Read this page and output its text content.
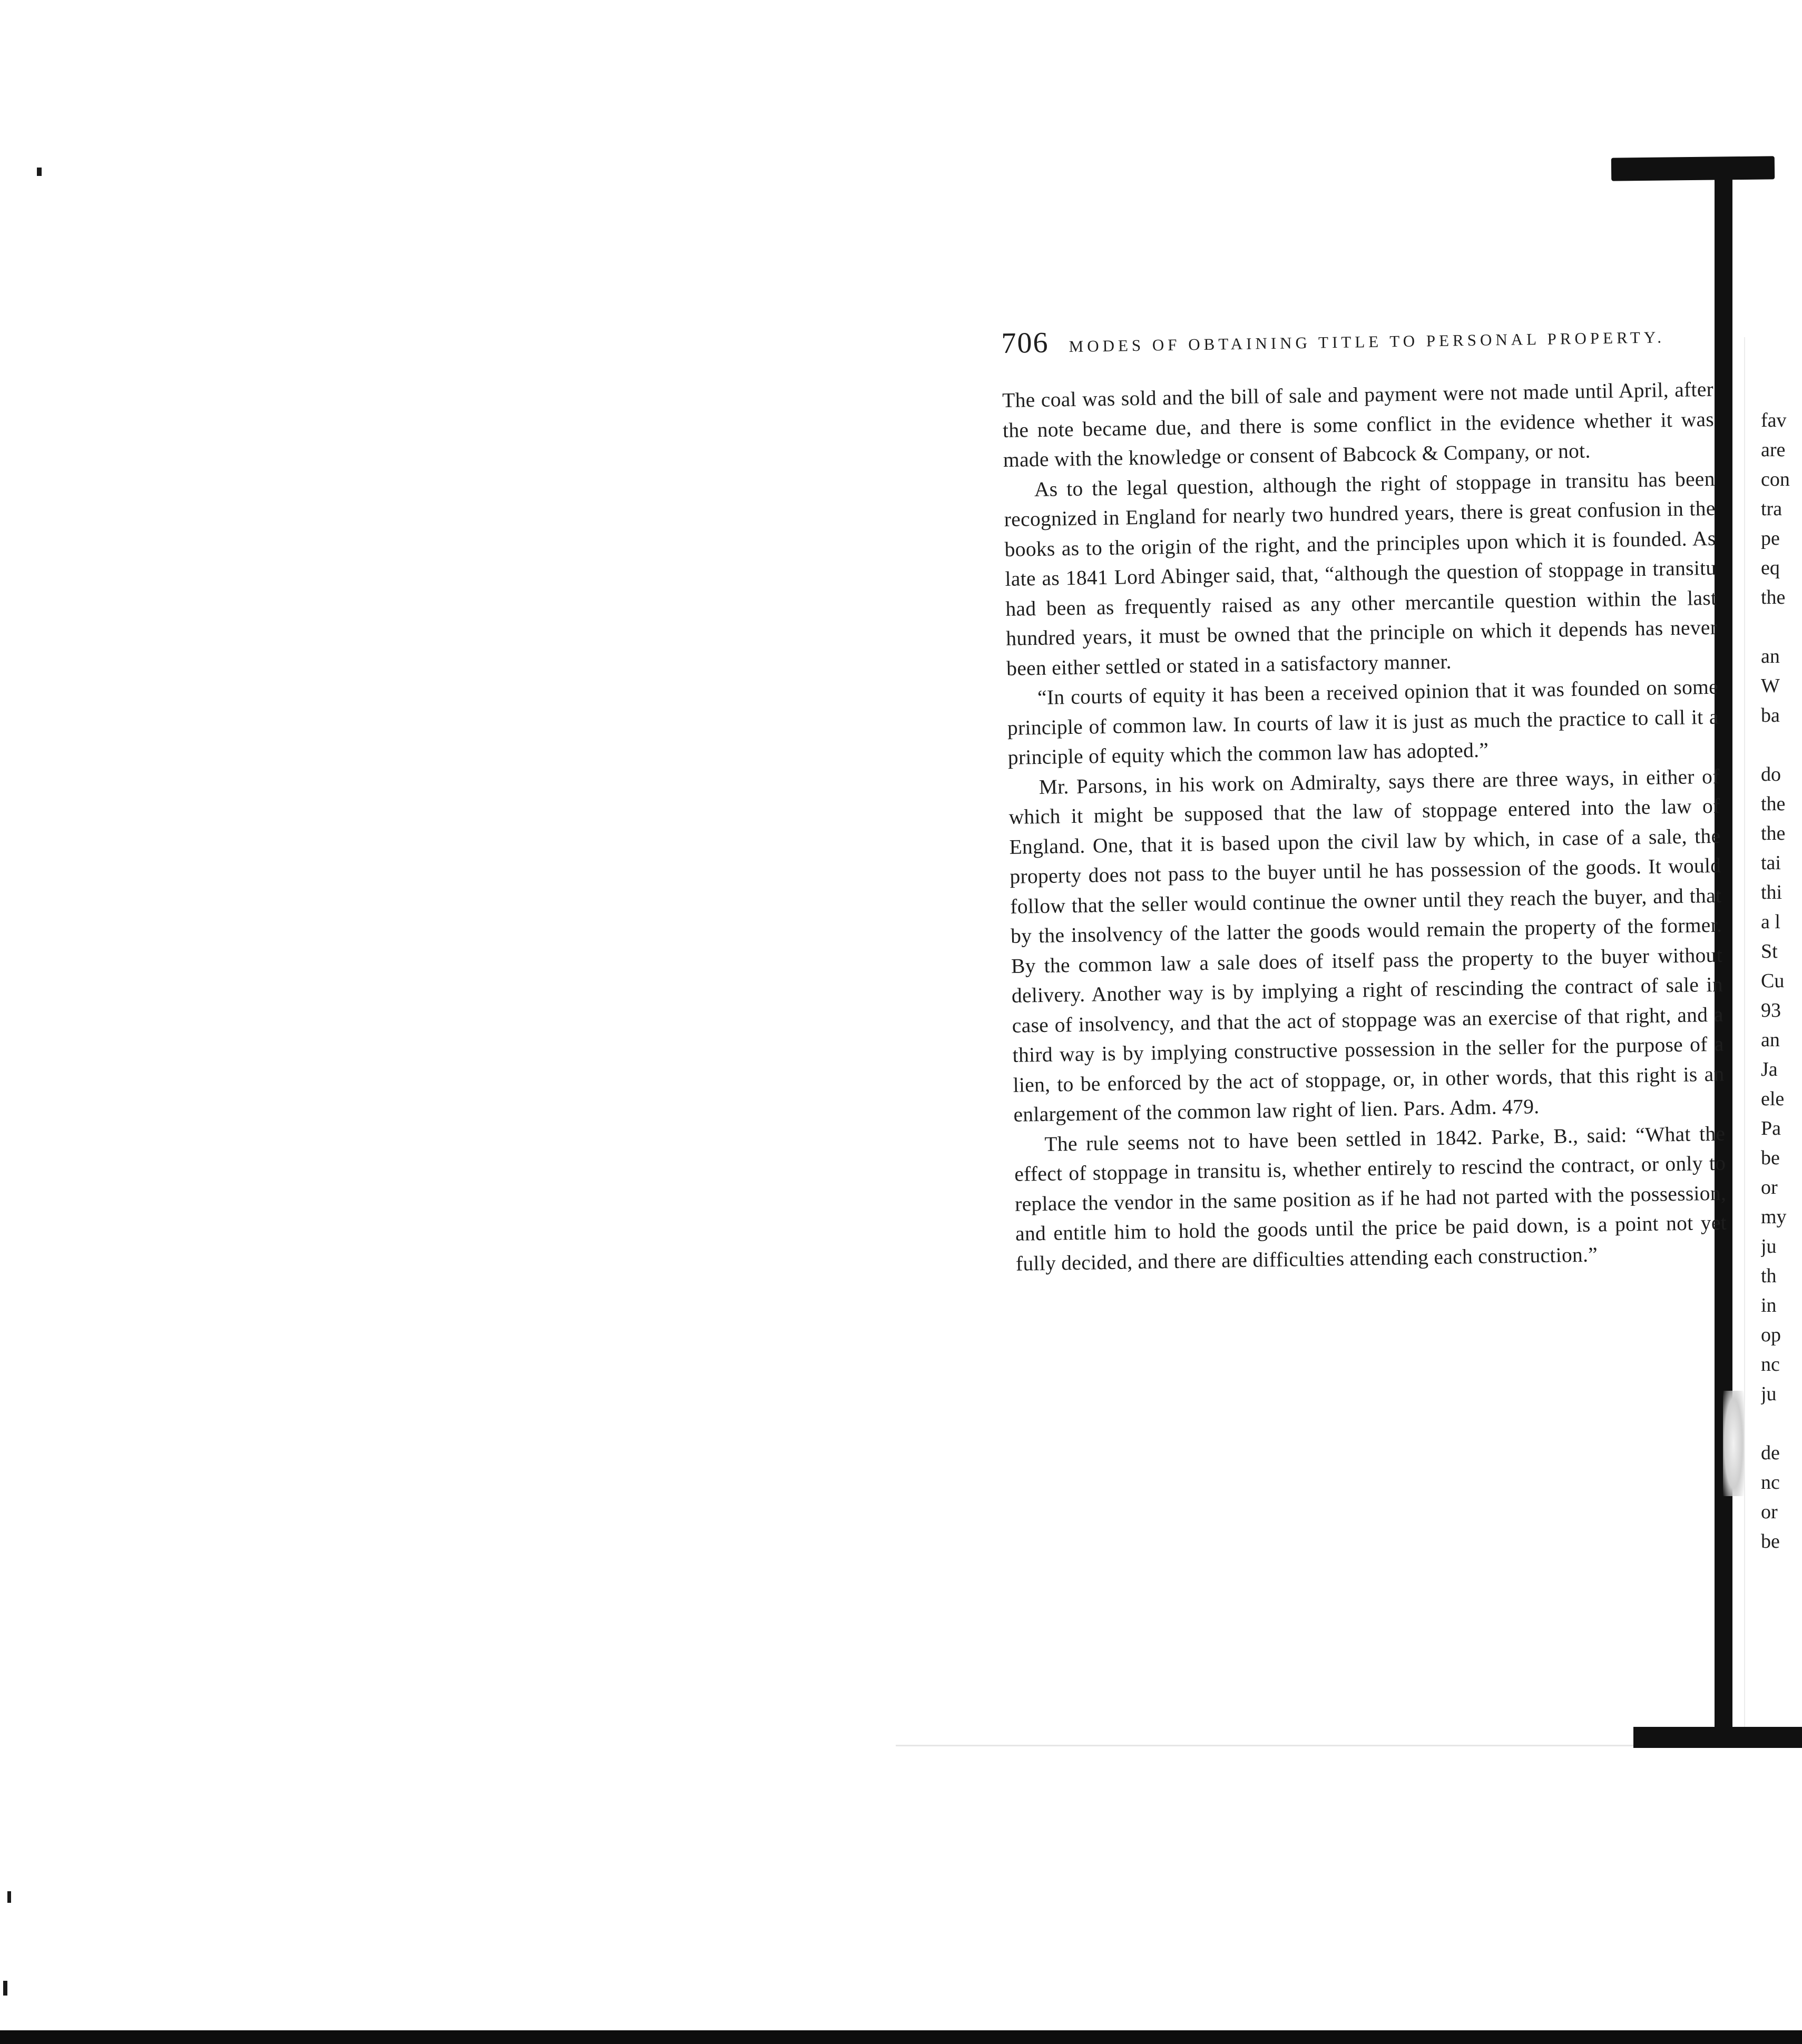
706 MODES OF OBTAINING TITLE TO PERSONAL PROPERTY.

The coal was sold and the bill of sale and payment were not made until April, after the note became due, and there is some conflict in the evidence whether it was made with the knowledge or consent of Babcock & Company, or not.

As to the legal question, although the right of stoppage in transitu has been recognized in England for nearly two hundred years, there is great confusion in the books as to the origin of the right, and the principles upon which it is founded. As late as 1841 Lord Abinger said, that, “although the question of stoppage in transitu had been as frequently raised as any other mercantile question within the last hundred years, it must be owned that the principle on which it depends has never been either settled or stated in a satisfactory manner.

“In courts of equity it has been a received opinion that it was founded on some principle of common law. In courts of law it is just as much the practice to call it a principle of equity which the common law has adopted.”

Mr. Parsons, in his work on Admiralty, says there are three ways, in either of which it might be supposed that the law of stoppage entered into the law of England. One, that it is based upon the civil law by which, in case of a sale, the property does not pass to the buyer until he has possession of the goods. It would follow that the seller would continue the owner until they reach the buyer, and that by the insolvency of the latter the goods would remain the property of the former. By the common law a sale does of itself pass the property to the buyer without delivery. Another way is by implying a right of rescinding the contract of sale in case of insolvency, and that the act of stoppage was an exercise of that right, and a third way is by implying constructive possession in the seller for the purpose of a lien, to be enforced by the act of stoppage, or, in other words, that this right is an enlargement of the common law right of lien. Pars. Adm. 479.

The rule seems not to have been settled in 1842. Parke, B., said: “What the effect of stoppage in transitu is, whether entirely to rescind the contract, or only to replace the vendor in the same position as if he had not parted with the possession, and entitle him to hold the goods until the price be paid down, is a point not yet fully decided, and there are difficulties attending each construction.”

fav
are
con
tra
pe
eq
the
an
W
ba
do
the
the
tai
thi
a l
St
Cu
93
an
Ja
ele
Pa
be
or
my
ju
th
in
op
nc
ju
de
nc
or
be
